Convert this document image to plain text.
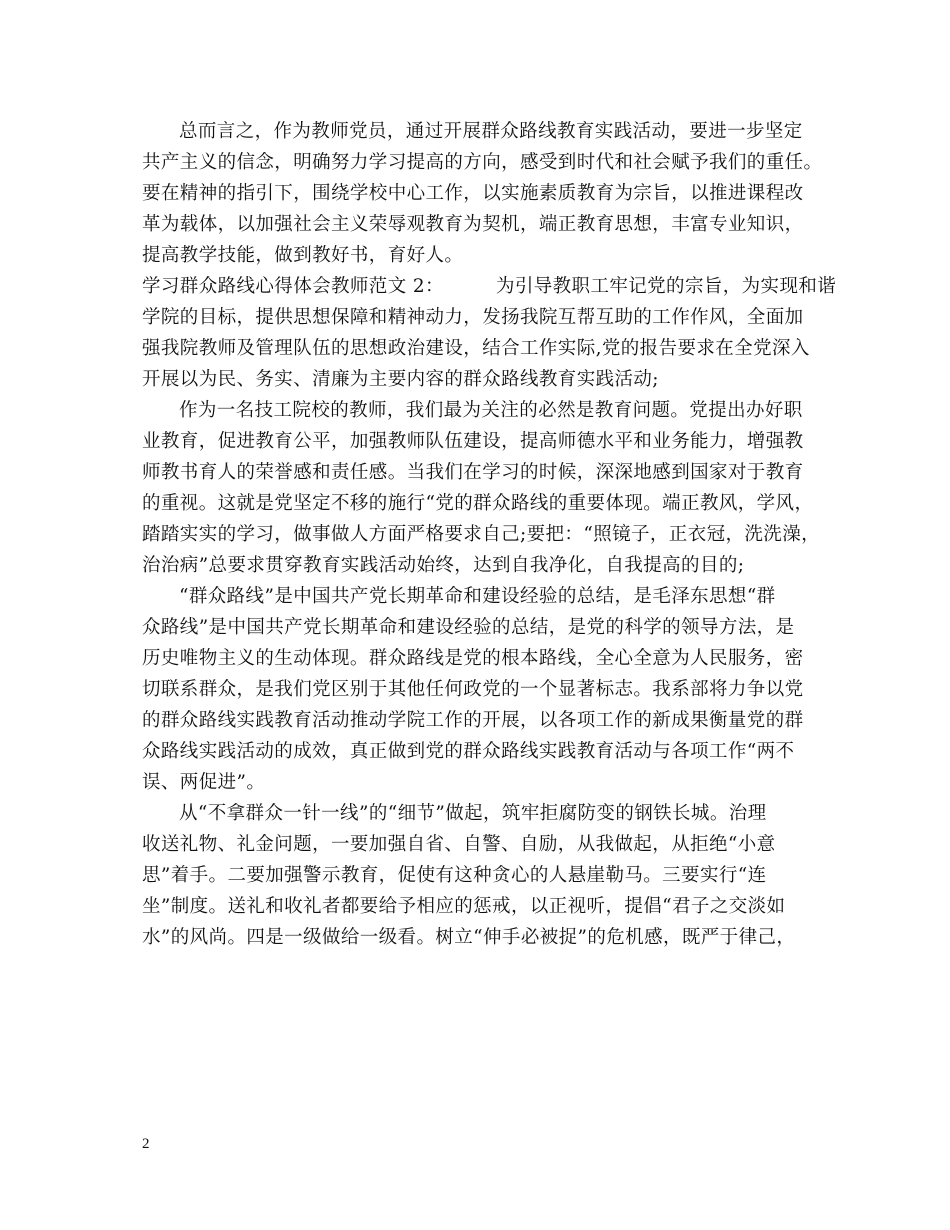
总而言之，作为教师党员，通过开展群众路线教育实践活动，要进一步坚定
共产主义的信念，明确努力学习提高的方向，感受到时代和社会赋予我们的重任。
要在精神的指引下，围绕学校中心工作，以实施素质教育为宗旨，以推进课程改
革为载体，以加强社会主义荣辱观教育为契机，端正教育思想，丰富专业知识，
提高教学技能，做到教好书，育好人。
学习群众路线心得体会教师范文 2：	为引导教职工牢记党的宗旨，为实现和谐
学院的目标，提供思想保障和精神动力，发扬我院互帮互助的工作作风，全面加
强我院教师及管理队伍的思想政治建设，结合工作实际,党的报告要求在全党深入
开展以为民、务实、清廉为主要内容的群众路线教育实践活动;
作为一名技工院校的教师，我们最为关注的必然是教育问题。党提出办好职
业教育，促进教育公平，加强教师队伍建设，提高师德水平和业务能力，增强教
师教书育人的荣誉感和责任感。当我们在学习的时候，深深地感到国家对于教育
的重视。这就是党坚定不移的施行“党的群众路线的重要体现。端正教风，学风，
踏踏实实的学习，做事做人方面严格要求自己;要把：“照镜子，正衣冠，洗洗澡，
治治病”总要求贯穿教育实践活动始终，达到自我净化，自我提高的目的;
“群众路线”是中国共产党长期革命和建设经验的总结，是毛泽东思想“群
众路线”是中国共产党长期革命和建设经验的总结，是党的科学的领导方法，是
历史唯物主义的生动体现。群众路线是党的根本路线，全心全意为人民服务，密
切联系群众，是我们党区别于其他任何政党的一个显著标志。我系部将力争以党
的群众路线实践教育活动推动学院工作的开展，以各项工作的新成果衡量党的群
众路线实践活动的成效，真正做到党的群众路线实践教育活动与各项工作“两不
误、两促进”。
从“不拿群众一针一线”的“细节”做起，筑牢拒腐防变的钢铁长城。治理
收送礼物、礼金问题，一要加强自省、自警、自励，从我做起，从拒绝“小意
思”着手。二要加强警示教育，促使有这种贪心的人悬崖勒马。三要实行“连
坐”制度。送礼和收礼者都要给予相应的惩戒，以正视听，提倡“君子之交淡如
水”的风尚。四是一级做给一级看。树立“伸手必被捉”的危机感，既严于律己，
2
